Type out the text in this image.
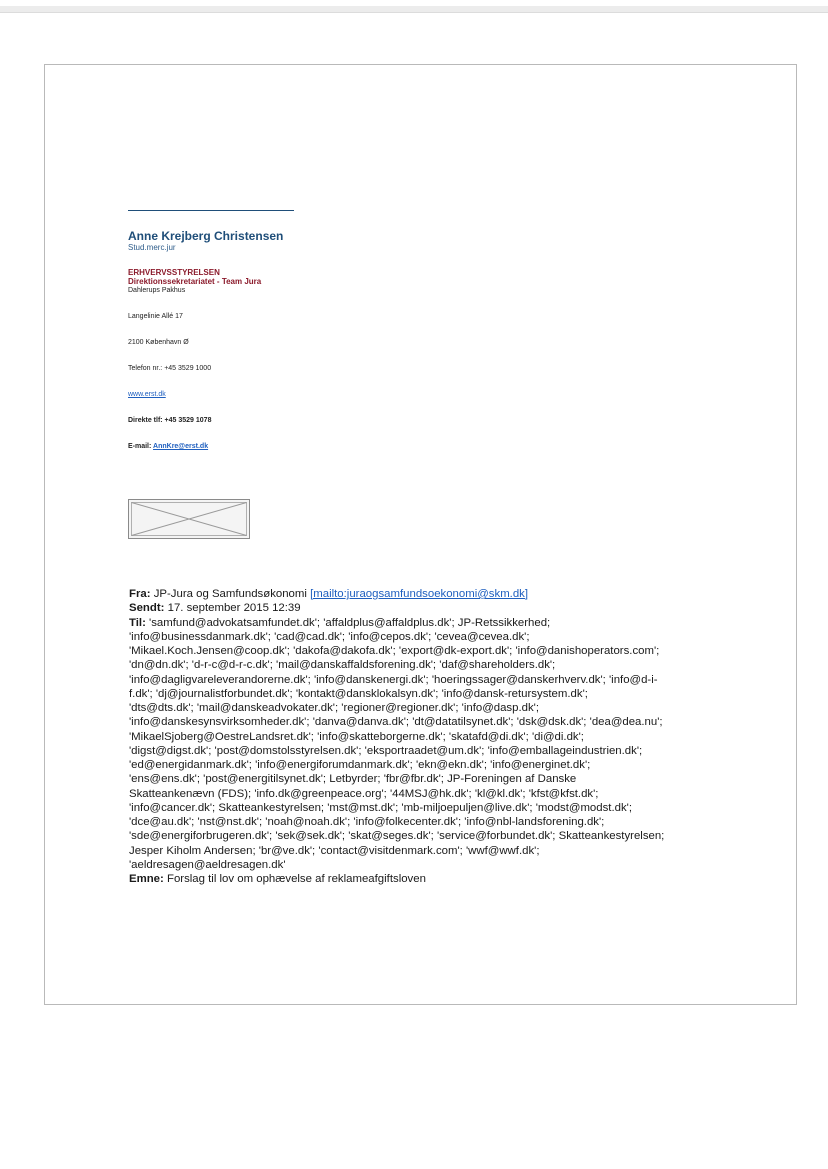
Anne Krejberg Christensen
Stud.merc.jur
ERHVERVSSTYRELSEN
Direktionssekretariatet - Team Jura
Dahlerups Pakhus
Langelinie Allé 17
2100 København Ø
Telefon nr.: +45 3529 1000
www.erst.dk
Direkte tlf: +45 3529 1078
E-mail: AnnKre@erst.dk
Fra: JP-Jura og Samfundsøkonomi [mailto:juraogsamfundsoekonomi@skm.dk]
Sendt: 17. september 2015 12:39
Til: 'samfund@advokatsamfundet.dk'; 'affaldplus@affaldplus.dk'; JP-Retssikkerhed;
'info@businessdanmark.dk'; 'cad@cad.dk'; 'info@cepos.dk'; 'cevea@cevea.dk';
'Mikael.Koch.Jensen@coop.dk'; 'dakofa@dakofa.dk'; 'export@dk-export.dk'; 'info@danishoperators.com';
'dn@dn.dk'; 'd-r-c@d-r-c.dk'; 'mail@danskaffaldsforening.dk'; 'daf@shareholders.dk';
'info@dagligvareleverandorerne.dk'; 'info@danskenergi.dk'; 'hoeringssager@danskerhverv.dk'; 'info@d-i-
f.dk'; 'dj@journalistforbundet.dk'; 'kontakt@dansklokalsyn.dk'; 'info@dansk-retursystem.dk';
'dts@dts.dk'; 'mail@danskeadvokater.dk'; 'regioner@regioner.dk'; 'info@dasp.dk';
'info@danskesynsvirksomheder.dk'; 'danva@danva.dk'; 'dt@datatilsynet.dk'; 'dsk@dsk.dk'; 'dea@dea.nu';
'MikaelSjoberg@OestreLandsret.dk'; 'info@skatteborgerne.dk'; 'skatafd@di.dk'; 'di@di.dk';
'digst@digst.dk'; 'post@domstolsstyrelsen.dk'; 'eksportraadet@um.dk'; 'info@emballageindustrien.dk';
'ed@energidanmark.dk'; 'info@energiforumdanmark.dk'; 'ekn@ekn.dk'; 'info@energinet.dk';
'ens@ens.dk'; 'post@energitilsynet.dk'; Letbyrder; 'fbr@fbr.dk'; JP-Foreningen af Danske
Skatteankenævn (FDS); 'info.dk@greenpeace.org'; '44MSJ@hk.dk'; 'kl@kl.dk'; 'kfst@kfst.dk';
'info@cancer.dk'; Skatteankestyrelsen; 'mst@mst.dk'; 'mb-miljoepuljen@live.dk'; 'modst@modst.dk';
'dce@au.dk'; 'nst@nst.dk'; 'noah@noah.dk'; 'info@folkecenter.dk'; 'info@nbl-landsforening.dk';
'sde@energiforbrugeren.dk'; 'sek@sek.dk'; 'skat@seges.dk'; 'service@forbundet.dk'; Skatteankestyrelsen;
Jesper Kiholm Andersen; 'br@ve.dk'; 'contact@visitdenmark.com'; 'wwf@wwf.dk';
'aeldresagen@aeldresagen.dk'
Emne: Forslag til lov om ophævelse af reklameafgiftsloven
